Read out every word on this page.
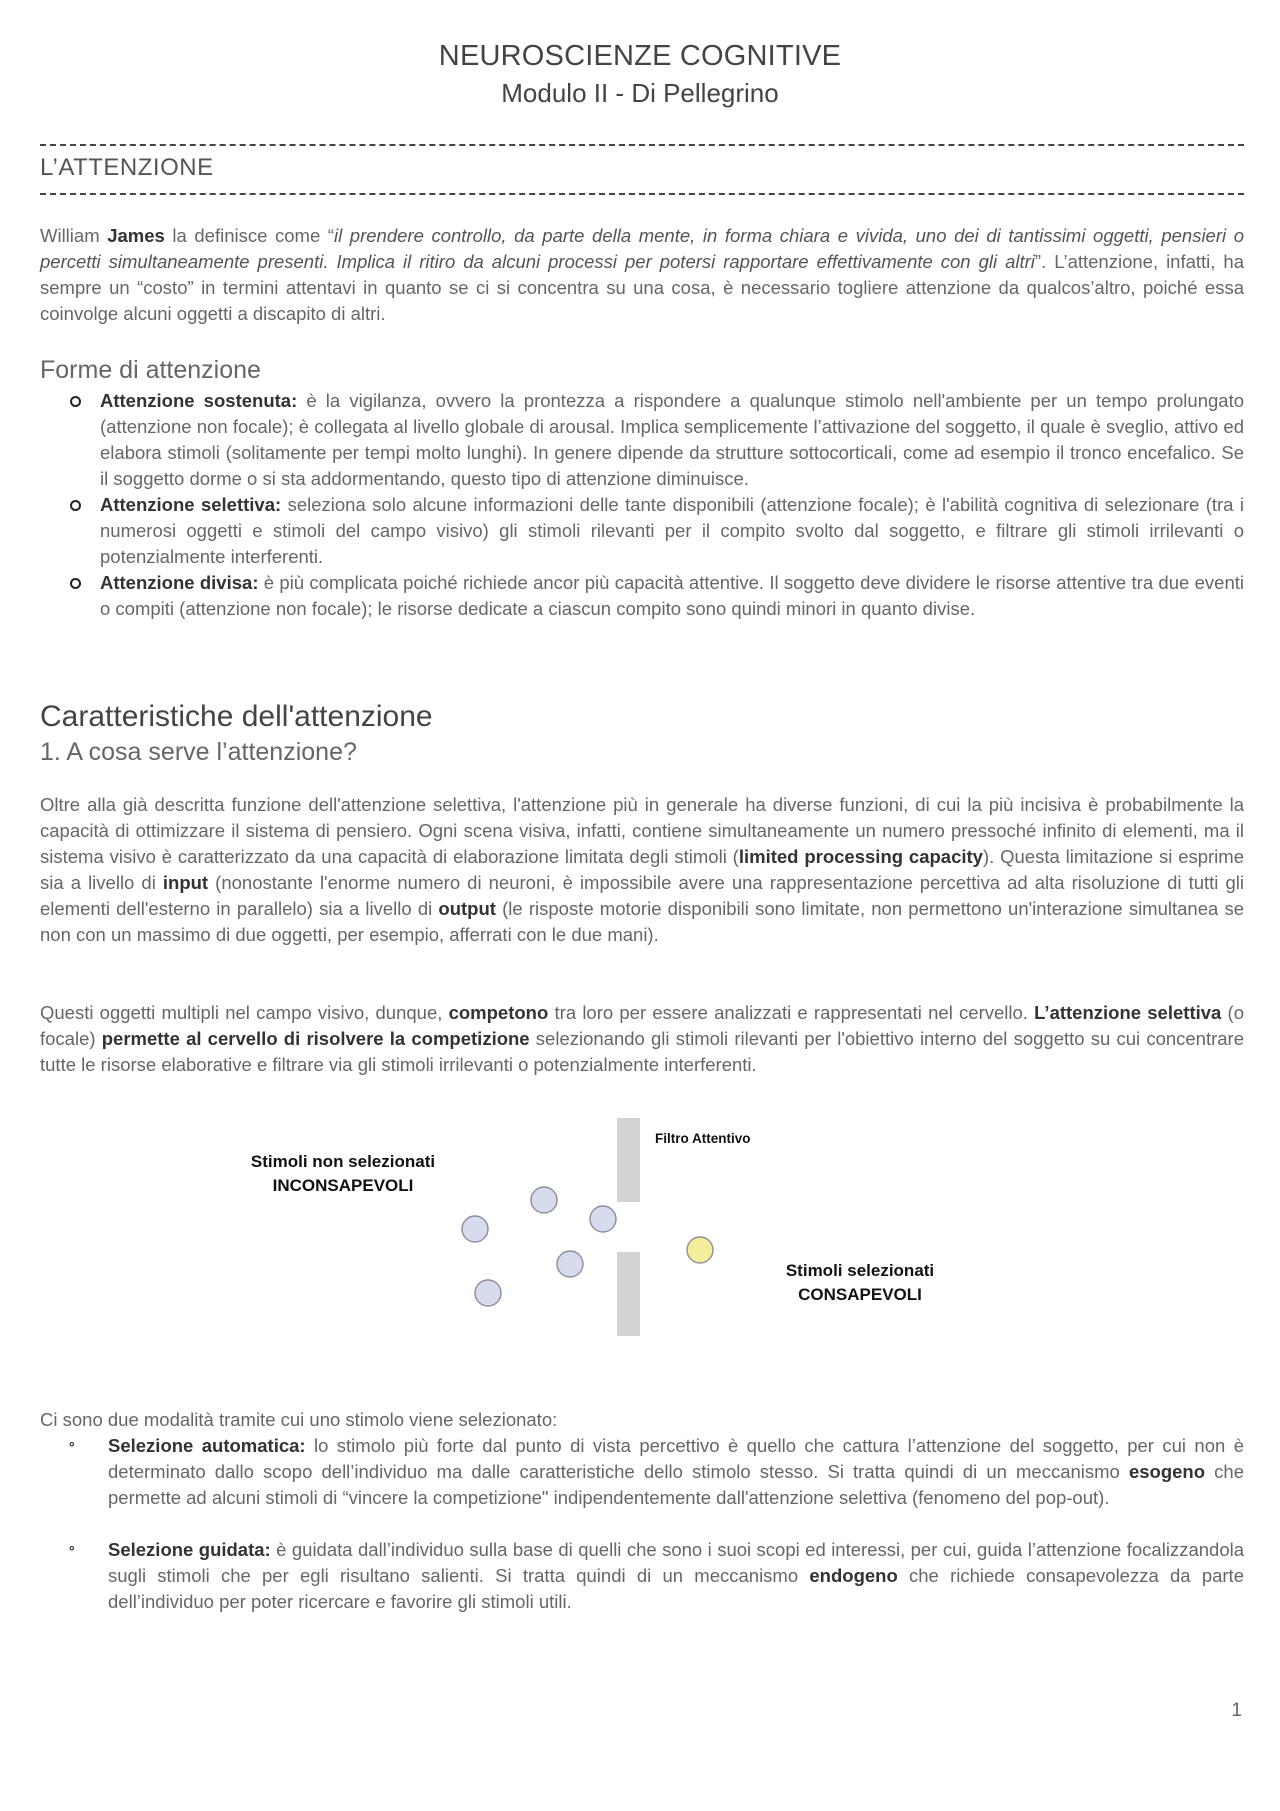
NEUROSCIENZE COGNITIVE
Modulo II - Di Pellegrino
L’ATTENZIONE

William James la definisce come “il prendere controllo, da parte della mente, in forma chiara e vivida, uno dei di tantissimi oggetti, pensieri o percetti simultaneamente presenti. Implica il ritiro da alcuni processi per potersi rapportare effettivamente con gli altri”. L’attenzione, infatti, ha sempre un “costo” in termini attentavi in quanto se ci si concentra su una cosa, è necessario togliere attenzione da qualcos’altro, poiché essa coinvolge alcuni oggetti a discapito di altri.

Forme di attenzione
Attenzione sostenuta: è la vigilanza, ovvero la prontezza a rispondere a qualunque stimolo nell'ambiente per un tempo prolungato (attenzione non focale); è collegata al livello globale di arousal. Implica semplicemente l’attivazione del soggetto, il quale è sveglio, attivo ed elabora stimoli (solitamente per tempi molto lunghi). In genere dipende da strutture sottocorticali, come ad esempio il tronco encefalico. Se il soggetto dorme o si sta addormentando, questo tipo di attenzione diminuisce.
Attenzione selettiva: seleziona solo alcune informazioni delle tante disponibili (attenzione focale); è l'abilità cognitiva di selezionare (tra i numerosi oggetti e stimoli del campo visivo) gli stimoli rilevanti per il compito svolto dal soggetto, e filtrare gli stimoli irrilevanti o potenzialmente interferenti.
Attenzione divisa: è più complicata poiché richiede ancor più capacità attentive. Il soggetto deve dividere le risorse attentive tra due eventi o compiti (attenzione non focale); le risorse dedicate a ciascun compito sono quindi minori in quanto divise.
Caratteristiche dell'attenzione
1. A cosa serve l’attenzione?

Oltre alla già descritta funzione dell'attenzione selettiva, l'attenzione più in generale ha diverse funzioni, di cui la più incisiva è probabilmente la capacità di ottimizzare il sistema di pensiero. Ogni scena visiva, infatti, contiene simultaneamente un numero pressoché infinito di elementi, ma il sistema visivo è caratterizzato da una capacità di elaborazione limitata degli stimoli (limited processing capacity). Questa limitazione si esprime sia a livello di input (nonostante l'enorme numero di neuroni, è impossibile avere una rappresentazione percettiva ad alta risoluzione di tutti gli elementi dell'esterno in parallelo) sia a livello di output (le risposte motorie disponibili sono limitate, non permettono un'interazione simultanea se non con un massimo di due oggetti, per esempio, afferrati con le due mani).

Questi oggetti multipli nel campo visivo, dunque, competono tra loro per essere analizzati e rappresentati nel cervello. L’attenzione selettiva (o focale) permette al cervello di risolvere la competizione selezionando gli stimoli rilevanti per l'obiettivo interno del soggetto su cui concentrare tutte le risorse elaborative e filtrare via gli stimoli irrilevanti o potenzialmente interferenti.

Filtro Attentivo
Stimoli non selezionati
INCONSAPEVOLI
Stimoli selezionati
CONSAPEVOLI

Ci sono due modalità tramite cui uno stimolo viene selezionato:

° Selezione automatica: lo stimolo più forte dal punto di vista percettivo è quello che cattura l’attenzione del soggetto, per cui non è determinato dallo scopo dell’individuo ma dalle caratteristiche dello stimolo stesso. Si tratta quindi di un meccanismo esogeno che permette ad alcuni stimoli di “vincere la competizione" indipendentemente dall'attenzione selettiva (fenomeno del pop-out).
° Selezione guidata: è guidata dall’individuo sulla base di quelli che sono i suoi scopi ed interessi, per cui, guida l’attenzione focalizzandola sugli stimoli che per egli risultano salienti. Si tratta quindi di un meccanismo endogeno che richiede consapevolezza da parte dell’individuo per poter ricercare e favorire gli stimoli utili.
1
